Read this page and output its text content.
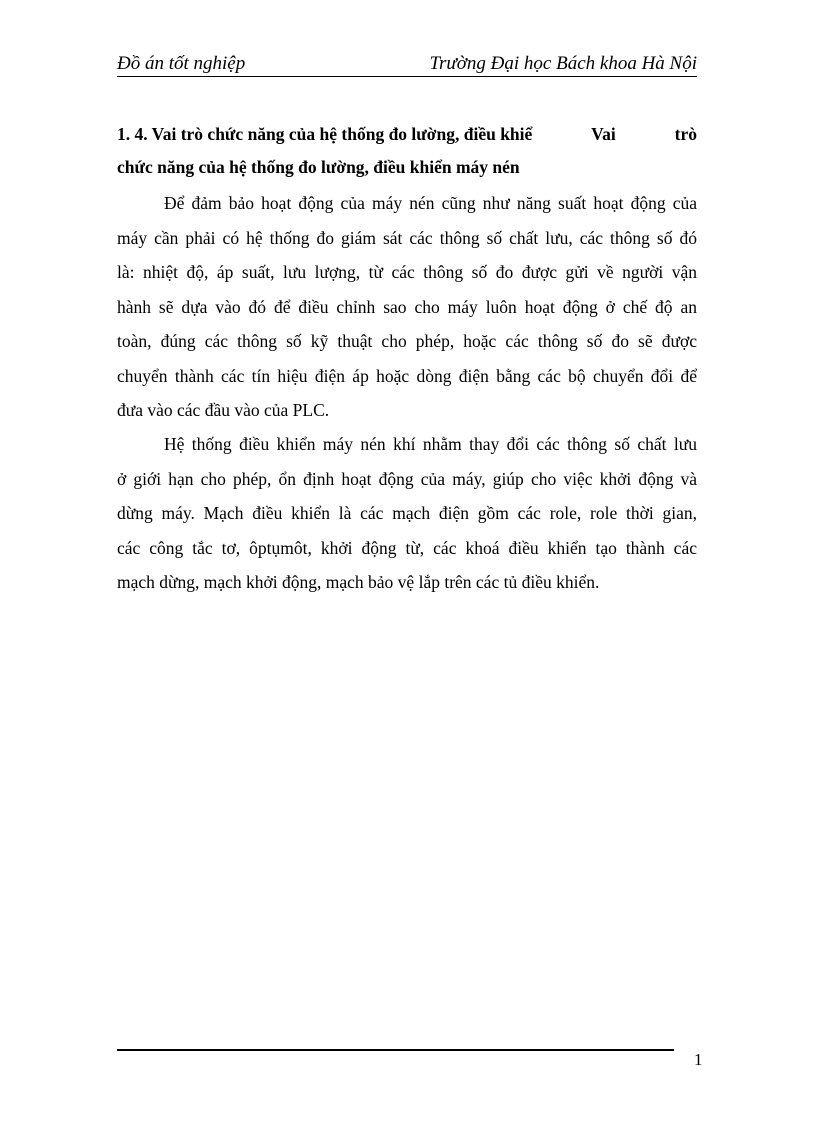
Đồ án tốt nghiệp	Trường Đại học Bách khoa Hà Nội
1. 4. Vai trò chức năng của hệ thống đo lường, điều khiể	Vai	trò
chức năng của hệ thống đo lường, điều khiển máy nén
Để đảm bảo hoạt động của máy nén cũng như năng suất hoạt động của
máy cần phải có hệ thống đo giám sát các thông số chất lưu, các thông số đó
là: nhiệt độ, áp suất, lưu lượng, từ các thông số đo được gửi về người vận
hành sẽ dựa vào đó để điều chỉnh sao cho máy luôn hoạt động ở chế độ an
toàn, đúng các thông số kỹ thuật cho phép, hoặc các thông số đo sẽ được
chuyển thành các tín hiệu điện áp hoặc dòng điện bằng các bộ chuyển đổi để
đưa vào các đầu vào của PLC.
Hệ thống điều khiển máy nén khí nhằm thay đổi các thông số chất lưu
ở giới hạn cho phép, ổn định hoạt động của máy, giúp cho việc khởi động và
dừng máy. Mạch điều khiển là các mạch điện gồm các role, role thời gian,
các công tắc tơ, ôptụmôt, khởi động từ, các khoá điều khiển tạo thành các
mạch dừng, mạch khởi động, mạch bảo vệ lắp trên các tủ điều khiển.
1
